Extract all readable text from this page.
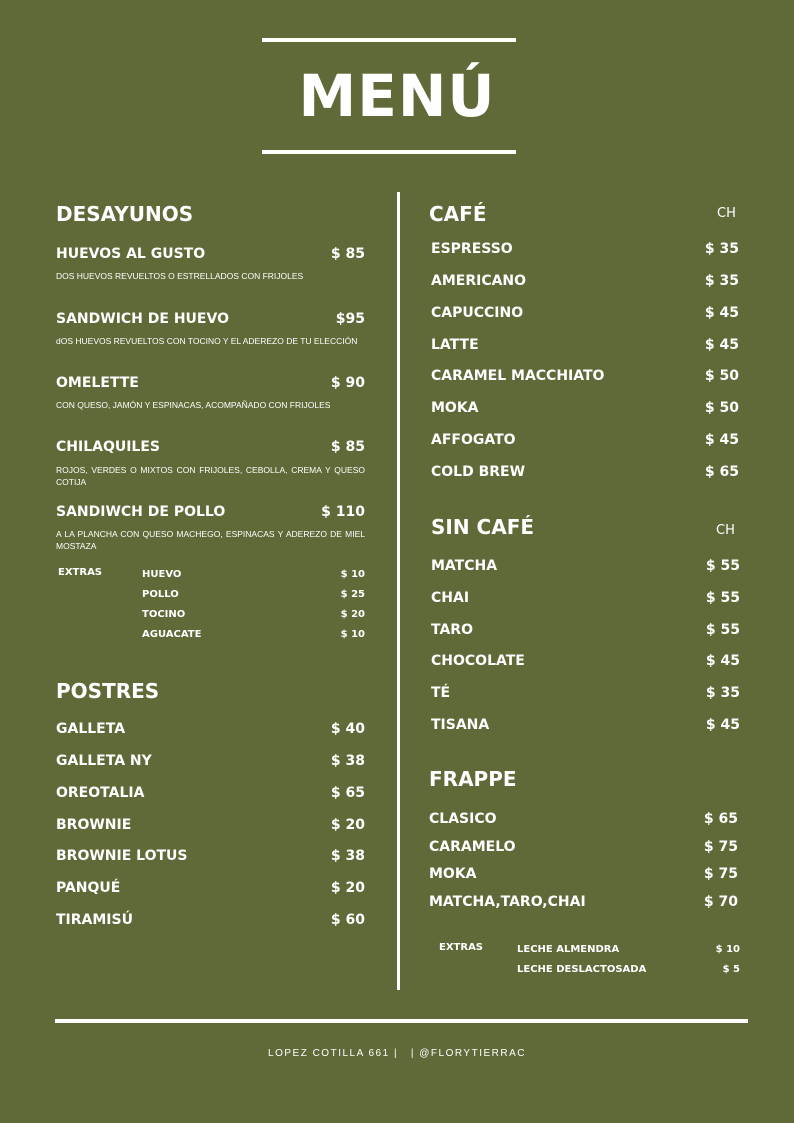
MENÚ
DESAYUNOS
HUEVOS AL GUSTO	$ 85
DOS HUEVOS REVUELTOS O ESTRELLADOS CON FRIJOLES
SANDWICH DE HUEVO	$95
dOS HUEVOS REVUELTOS CON TOCINO Y EL ADEREZO DE TU ELECCIÓN
OMELETTE	$ 90
CON QUESO, JAMÓN Y ESPINACAS, ACOMPAÑADO CON FRIJOLES
CHILAQUILES	$ 85
ROJOS, VERDES O MIXTOS CON FRIJOLES, CEBOLLA, CREMA Y QUESO COTIJA
SANDIWCH DE POLLO	$ 110
A LA PLANCHA CON QUESO MACHEGO, ESPINACAS Y ADEREZO DE MIEL MOSTAZA
EXTRAS	HUEVO	$ 10
POLLO	$ 25
TOCINO	$ 20
AGUACATE	$ 10
POSTRES
GALLETA	$ 40
GALLETA NY	$ 38
OREOTALIA	$ 65
BROWNIE	$ 20
BROWNIE LOTUS	$ 38
PANQUÉ	$ 20
TIRAMISÚ	$ 60
CAFÉ	CH
ESPRESSO	$ 35
AMERICANO	$ 35
CAPUCCINO	$ 45
LATTE	$ 45
CARAMEL MACCHIATO	$ 50
MOKA	$ 50
AFFOGATO	$ 45
COLD BREW	$ 65
SIN CAFÉ	CH
MATCHA	$ 55
CHAI	$ 55
TARO	$ 55
CHOCOLATE	$ 45
TÉ	$ 35
TISANA	$ 45
FRAPPE
CLASICO	$ 65
CARAMELO	$ 75
MOKA	$ 75
MATCHA,TARO,CHAI	$ 70
EXTRAS	LECHE ALMENDRA	$ 10
LECHE DESLACTOSADA	$ 5
LOPEZ COTILLA 661 | | @FLORYTIERRAC
